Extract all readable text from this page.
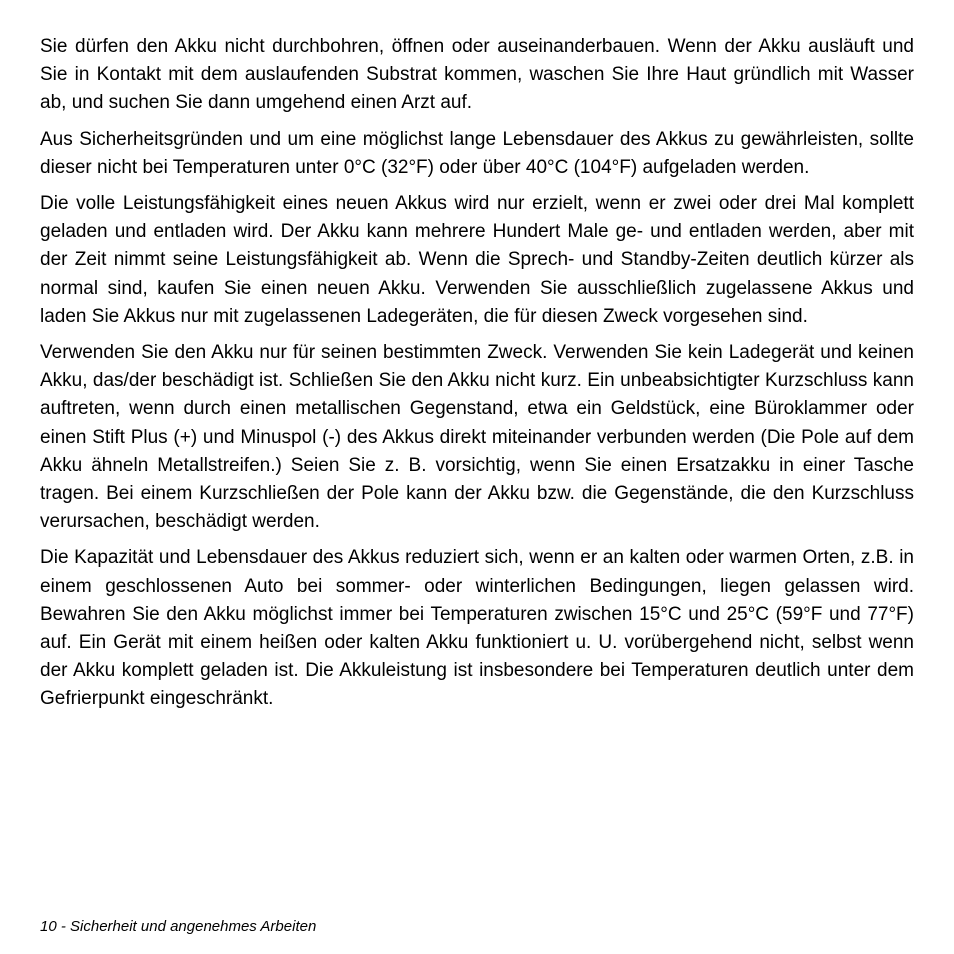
Sie dürfen den Akku nicht durchbohren, öffnen oder auseinanderbauen. Wenn der Akku ausläuft und Sie in Kontakt mit dem auslaufenden Substrat kommen, waschen Sie Ihre Haut gründlich mit Wasser ab, und suchen Sie dann umgehend einen Arzt auf.

Aus Sicherheitsgründen und um eine möglichst lange Lebensdauer des Akkus zu gewährleisten, sollte dieser nicht bei Temperaturen unter 0°C (32°F) oder über 40°C (104°F) aufgeladen werden.

Die volle Leistungsfähigkeit eines neuen Akkus wird nur erzielt, wenn er zwei oder drei Mal komplett geladen und entladen wird. Der Akku kann mehrere Hundert Male ge- und entladen werden, aber mit der Zeit nimmt seine Leistungsfähigkeit ab. Wenn die Sprech- und Standby-Zeiten deutlich kürzer als normal sind, kaufen Sie einen neuen Akku. Verwenden Sie ausschließlich zugelassene Akkus und laden Sie Akkus nur mit zugelassenen Ladegeräten, die für diesen Zweck vorgesehen sind.

Verwenden Sie den Akku nur für seinen bestimmten Zweck. Verwenden Sie kein Ladegerät und keinen Akku, das/der beschädigt ist. Schließen Sie den Akku nicht kurz. Ein unbeabsichtigter Kurzschluss kann auftreten, wenn durch einen metallischen Gegenstand, etwa ein Geldstück, eine Büroklammer oder einen Stift Plus (+) und Minuspol (-) des Akkus direkt miteinander verbunden werden (Die Pole auf dem Akku ähneln Metallstreifen.) Seien Sie z. B. vorsichtig, wenn Sie einen Ersatzakku in einer Tasche tragen. Bei einem Kurzschließen der Pole kann der Akku bzw. die Gegenstände, die den Kurzschluss verursachen, beschädigt werden.

Die Kapazität und Lebensdauer des Akkus reduziert sich, wenn er an kalten oder warmen Orten, z.B. in einem geschlossenen Auto bei sommer- oder winterlichen Bedingungen, liegen gelassen wird. Bewahren Sie den Akku möglichst immer bei Temperaturen zwischen 15°C und 25°C (59°F und 77°F) auf. Ein Gerät mit einem heißen oder kalten Akku funktioniert u. U. vorübergehend nicht, selbst wenn der Akku komplett geladen ist. Die Akkuleistung ist insbesondere bei Temperaturen deutlich unter dem Gefrierpunkt eingeschränkt.

10 - Sicherheit und angenehmes Arbeiten
